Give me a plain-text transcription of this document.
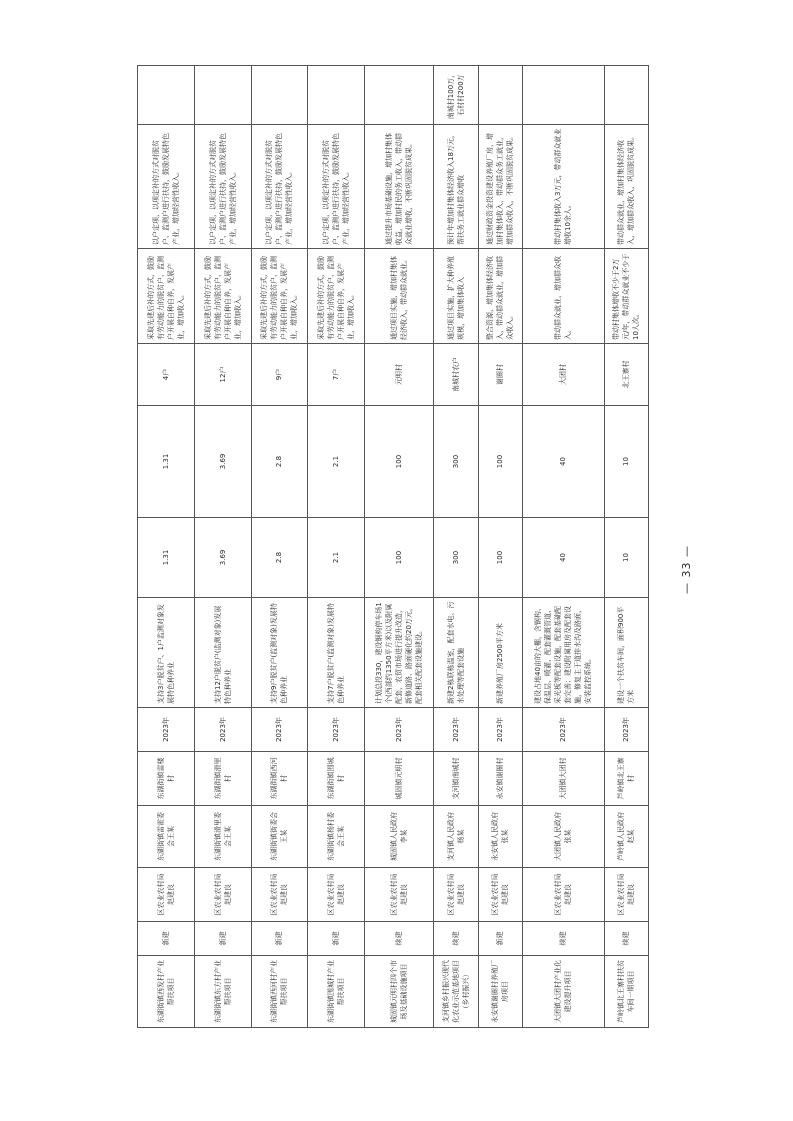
东湖街镇西发村产业帮扶项目	新建	区农业农村局赵建良	东湖街镇雷霍委会王某	东湖街镇雷楼村	2023年	支持3户脱贫户、1户监测对象发展特色种养业	1.31	1.31	4户	采取先建后补的方式，鼓励有劳动能力的脱贫户、监测户开展自种自养，发展产业，增加收入。	以户定项，以项定补的方式对脱贫户、监测户进行扶持，鼓励发展特色产业，增加经营性收入。	
东湖街镇东方村产业帮扶项目	新建	区农业农村局赵建良	东湖街镇滑里委会王某	东湖街镇滑里村	2023年	支持12户脱贫户(监测对象)发展特色种养业	3.69	3.69	12户	采取先建后补的方式，鼓励有劳动能力的脱贫户、监测户开展自种自养，发展产业，增加收入。	以户定项，以项定补的方式对脱贫户、监测户进行扶持，鼓励发展特色产业，增加经营性收入。	
东湖街镇西河村产业帮扶项目	新建	区农业农村局赵建良	东湖街镇街委会王某	东湖街镇西河村	2023年	支持9户脱贫户(监测对象)发展特色种养业	2.8	2.8	9户	采取先建后补的方式，鼓励有劳动能力的脱贫户、监测户开展自种自养，发展产业，增加收入。	以户定项，以项定补的方式对脱贫户、监测户进行扶持，鼓励发展特色产业，增加经营性收入。	
东湖街镇围城村产业帮扶项目	新建	区农业农村局赵建良	东湖街镇杨村委会王某	东湖街镇围城村	2023年	支持7户脱贫户(监测对象)发展特色种养业	2.1	2.1	7户	采取先建后补的方式，鼓励有劳动能力的脱贫户、监测户开展自种自养，发展产业，增加收入。	以户定项，以项定补的方式对脱贫户、监测户进行扶持，鼓励发展特色产业，增加经营性收入。	
城固镇元明村四个市场及基础设施项目	续建	区农业农村局赵建良	城固镇人民政府李某	城固镇元明村	2023年	计划总投330，建设钢构停车场1个(西部约1350平方米)以及附属配套，农贸市场进行提升改造，新修道路、路面硬化约20万元，配套相关配套设施建设。	100	100	元明村	通过项目实施，增加村集体经济收入，带动群众就业。	通过提升市场基础设施，增加村集体收益，增加村民的务工收入，带动群众就业增收，不断巩固脱贫成果。	
支河镇乡村振兴现代化农业示范基地项目（乡村振兴）	续建	区农业农村局赵建良	支河镇人民政府杨某	支河镇南城村	2023年	新建2栋联栋温室，配套水电、污水处理等配套设施	300	300	南城村农户	通过项目实施，扩大种养殖规模，增加集体收入	预计年增加村集体经济收入18万元，帮扶务工就业群众增收	南城村100万，石村村200万
永安镇谢圈村养殖厂房项目	新建	区农业农村局赵建良	永安镇人民政府张某	永安镇谢圈村	2023年	新建养殖厂房2500平方米	100	100	谢圈村	整合资源，增加集体经济收入，带动群众就业，增加群众收入。	通过财政资金投资建设养殖厂房，增加村集体收入，带动群众务工就业，增加群众收入，不断巩固脱贫成果。	
大团镇大团村产业化建设提升项目	续建	区农业农村局赵建良	大团镇人民政府张某	大团镇大团村	2023年	建设占地40亩的大棚，含钢构、保温层、喷灌、配套灌溉管道、采光板等配套设施，配套基础配套完善；建设附属用房及配套设施，修复主干道排水沟及路面，安装监控系统。	40	40	大团村	带动群众就业，增加群众收入。	带动村集体收入3万元，带动群众就业增收10余人。	
芦岭镇北王寨村扶贫车间一期项目	续建	区农业农村局赵建良	芦岭镇人民政府赵某	芦岭镇北王寨村	2023年	建设一个扶贫车间，面积900平方米	10	10	北王寨村	带动村集体增收不少于2万元/年，带动群众就业不少于10人次。	带动群众就业，增加村集体经济收入，增加群众收入，巩固脱贫成果。	
— 33 —
